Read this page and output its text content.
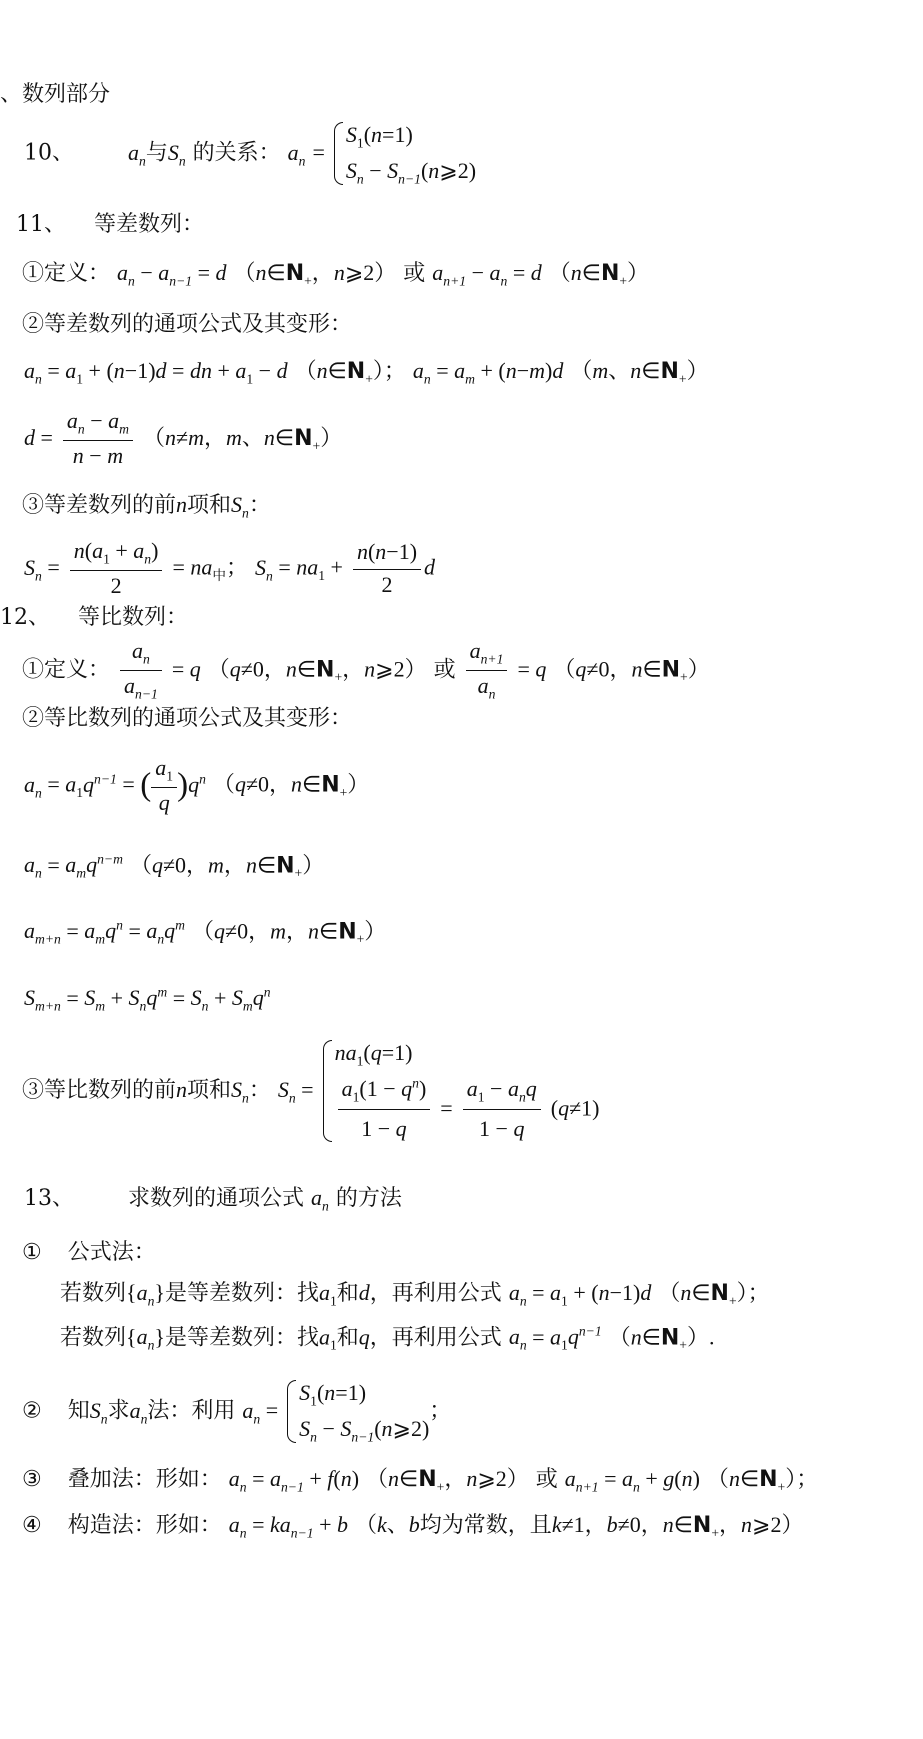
、数列部分
10、 $a_n$与$S_n$ 的关系： $a_n$ =
$S_1(n=1)$
$S_n$ − $S_{n-1}(n⩾2)$
11、 等差数列：
①定义： $a_n - a_{n-1} = d$ （$n\in N_+$，n⩾2） 或 $a_{n+1} - a_n = d$ $(n\in N_+)$
②等差数列的通项公式及其变形：
$a_n = a_1 + (n-1)d$ = dn + $a_1 - d$ $(n\in N_+)$； $a_n = a_m + (n-m)d$ （m、$n\in N_+$）
$d = \frac{a_n - a_m}{n - m} (n\ne m$，m、$n\in N_+$）
③等差数列的前n项和$S_n$：
$S_n = \frac{n(a_1 + a_n)}{2} = na_中$； $S_n = na_1 + \frac{n(n-1)}{2}$ d
12、 等比数列：
①定义： $\frac{a_n}{a_{n-1}} = q$ （q≠0，$n\in N_+$，n⩾2） 或 $\frac{a_{n+1}}{a_n} = q$ （q≠0，$n\in N_+$）
②等比数列的通项公式及其变形：
$a_n = a_1q^{n-1}$ = ( $\frac{a_1}{q} )q^n$ （q≠0，$n\in N_+$）
$a_n = a_mq^{n-m}$ （q≠0，m，$n\in N_+$）
$a_{m+n} = a_mq^n = a_nq^m$ （q≠0，m，$n\in N_+$）
$S_{m+n} = S_m + S_nq^m = S_n + S_mq^n$
③等比数列的前n项和$S_n$： $S_n$ =
$na_1(q=1)$
$\frac{a_1(1 - q^n)}{1 - q} = \frac{a_1 - a_nq}{1 - q} (q\ne 1)$
13、 求数列的通项公式 $a_n$ 的方法
① 公式法：
若数列$\{a_n\}$是等差数列：找$a_1$和d，再利用公式 $a_n = a_1 + (n-1)d$ $(n\in N_+)$；
若数列$\{a_n\}$是等差数列：找$a_1$和q，再利用公式 $a_n = a_1q^{n-1}$ $(n\in N_+)$.
② 知$S_n$求$a_n$法：利用 $a_n$ =
$S_1(n=1)$
$S_n$ − $S_{n-1}(n⩾2)$
；
③ 叠加法：形如： $a_n = a_{n-1} + f(n)$ （$n\in N_+$，n⩾2） 或 $a_{n+1} = a_n + g(n)$ $(n\in N_+)$；
④ 构造法：形如： $a_n = ka_{n-1} + b$ （k、b均为常数，且k≠1，b≠0，$n\in N_+$，n⩾2）
